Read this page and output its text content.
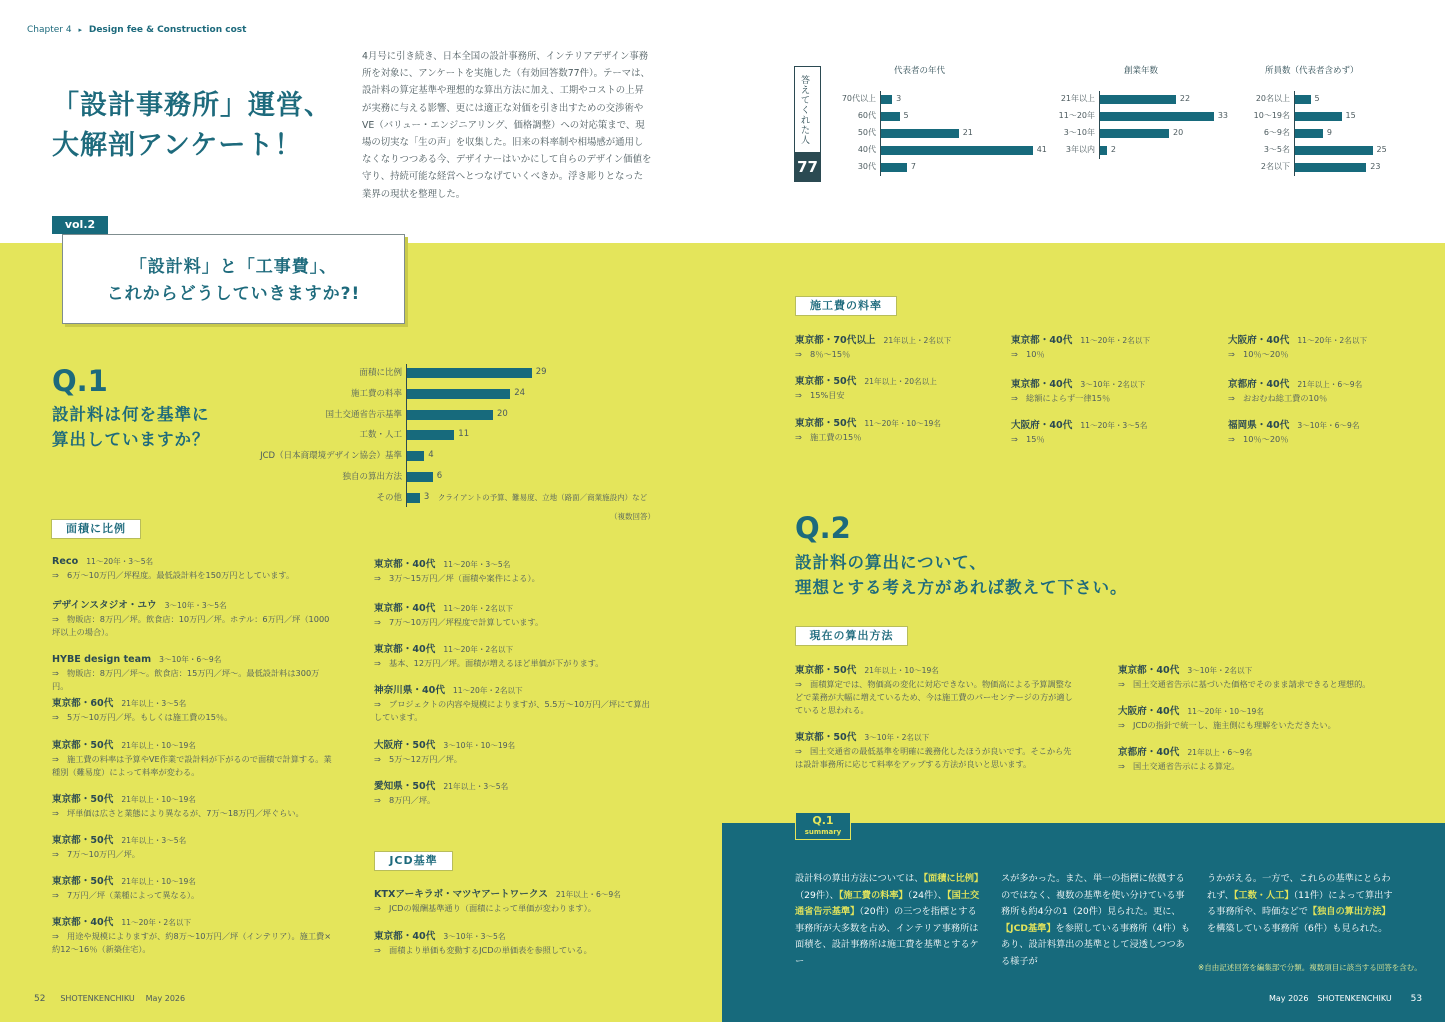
Chapter 4 ▸ Design fee & Construction cost
「設計事務所」運営、
大解剖アンケート！
4月号に引き続き、日本全国の設計事務所、インテリアデザイン事務所を対象に、アンケートを実施した（有効回答数77件）。テーマは、設計料の算定基準や理想的な算出方法に加え、工期やコストの上昇が実務に与える影響、更には適正な対価を引き出すための交渉術やVE（バリュー・エンジニアリング、価格調整）への対応策まで、現場の切実な「生の声」を収集した。旧来の料率制や相場感が通用しなくなりつつある今、デザイナーはいかにして自らのデザイン価値を守り、持続可能な経営へとつなげていくべきか。浮き彫りとなった業界の現状を整理した。
答えてくれた人
77人
代表者の年代
70代以上	3
60代	5
50代	21
40代	41
30代	7
創業年数
21年以上	22
11〜20年	33
3〜10年	20
3年以内 2
所員数（代表者含めず）
20名以上	5
10〜19名	15
6〜9名	9
3〜5名	25
2名以下	23
vol.2
「設計料」と「工事費」、
これからどうしていきますか?!
Q.1
設計料は何を基準に
算出していますか？
面積に比例	29
施工費の料率	24
国土交通省告示基準	20
工数・人工	11
JCD（日本商環境デザイン協会）基準	4
独自の算出方法	6
その他	3 クライアントの予算、難易度、立地（路面／商業施設内）など
（複数回答）
面積に比例
JCD基準
Reco 11〜20年・3〜5名
⇒　6万〜10万円／坪程度。最低設計料を150万円としています。
デザインスタジオ・ユウ 3〜10年・3〜5名
⇒　物販店：8万円／坪。飲食店：10万円／坪。ホテル：6万円／坪（1000坪以上の場合）。
HYBE design team 3〜10年・6〜9名
⇒　物販店：8万円／坪〜。飲食店：15万円／坪〜。最低設計料は300万円。
東京都・60代 21年以上・3〜5名
⇒　5万〜10万円／坪。もしくは施工費の15％。
東京都・50代 21年以上・10〜19名
⇒　施工費の料率は予算やVE作業で設計料が下がるので面積で計算する。業種別（難易度）によって料率が変わる。
東京都・50代 21年以上・10〜19名
⇒　坪単価は広さと業態により異なるが、7万〜18万円／坪ぐらい。
東京都・50代 21年以上・3〜5名
⇒　7万〜10万円／坪。
東京都・50代 21年以上・10〜19名
⇒　7万円／坪（業種によって異なる）。
東京都・40代 11〜20年・2名以下
⇒　用途や規模によりますが、約8万〜10万円／坪（インテリア）。施工費×約12〜16％（新築住宅）。
東京都・40代 11〜20年・3〜5名
⇒　3万〜15万円／坪（面積や案件による）。
東京都・40代 11〜20年・2名以下
⇒　7万〜10万円／坪程度で計算しています。
東京都・40代 11〜20年・2名以下
⇒　基本、12万円／坪。面積が増えるほど単価が下がります。
神奈川県・40代 11〜20年・2名以下
⇒　プロジェクトの内容や規模によりますが、5.5万〜10万円／坪にて算出しています。
大阪府・50代 3〜10年・10〜19名
⇒　5万〜12万円／坪。
愛知県・50代 21年以上・3〜5名
⇒　8万円／坪。
KTXアーキラボ・マツヤアートワークス 21年以上・6〜9名
⇒　JCDの報酬基準通り（面積によって単価が変わります）。
東京都・40代 3〜10年・3〜5名
⇒　面積より単価も変動するJCDの単価表を参照している。
施工費の料率
東京都・70代以上 21年以上・2名以下
⇒　8％〜15％
東京都・50代 21年以上・20名以上
⇒　15%目安
東京都・50代 11〜20年・10〜19名
⇒　施工費の15％
東京都・40代 11〜20年・2名以下
⇒　10％
東京都・40代 3〜10年・2名以下
⇒　総額によらず一律15％
大阪府・40代 11〜20年・3〜5名
⇒　15％
大阪府・40代 11〜20年・2名以下
⇒　10％〜20％
京都府・40代 21年以上・6〜9名
⇒　おおむね総工費の10％
福岡県・40代 3〜10年・6〜9名
⇒　10％〜20％
Q.2
設計料の算出について、
理想とする考え方があれば教えて下さい。
現在の算出方法
東京都・50代 21年以上・10〜19名
⇒　面積算定では、物価高の変化に対応できない。物価高による予算調整などで業務が大幅に増えているため、今は施工費のパーセンテージの方が適していると思われる。
東京都・50代 3〜10年・2名以下
⇒　国土交通省の最低基準を明確に義務化したほうが良いです。そこから先は設計事務所に応じて料率をアップする方法が良いと思います。
東京都・40代 3〜10年・2名以下
⇒　国土交通省告示に基づいた価格でそのまま請求できると理想的。
大阪府・40代 11〜20年・10〜19名
⇒　JCDの指針で統一し、施主側にも理解をいただきたい。
京都府・40代 21年以上・6〜9名
⇒　国土交通省告示による算定。
Q.1
summary
設計料の算出方法については、【面積に比例】（29件）、【施工費の料率】（24件）、【国土交通省告示基準】（20件）の三つを指標とする事務所が大多数を占め、インテリア事務所は面積を、設計事務所は施工費を基準とするケー
スが多かった。また、単一の指標に依拠するのではなく、複数の基準を使い分けている事務所も約4分の1（20件）見られた。更に、【JCD基準】を参照している事務所（4件）もあり、設計料算出の基準として浸透しつつある様子が
うかがえる。一方で、これらの基準にとらわれず、【工数・人工】（11件）によって算出する事務所や、時価などで【独自の算出方法】を構築している事務所（6件）も見られた。
※自由記述回答を編集部で分類。複数項目に該当する回答を含む。
52 SHOTENKENCHIKU May 2026	May 2026 SHOTENKENCHIKU 53
